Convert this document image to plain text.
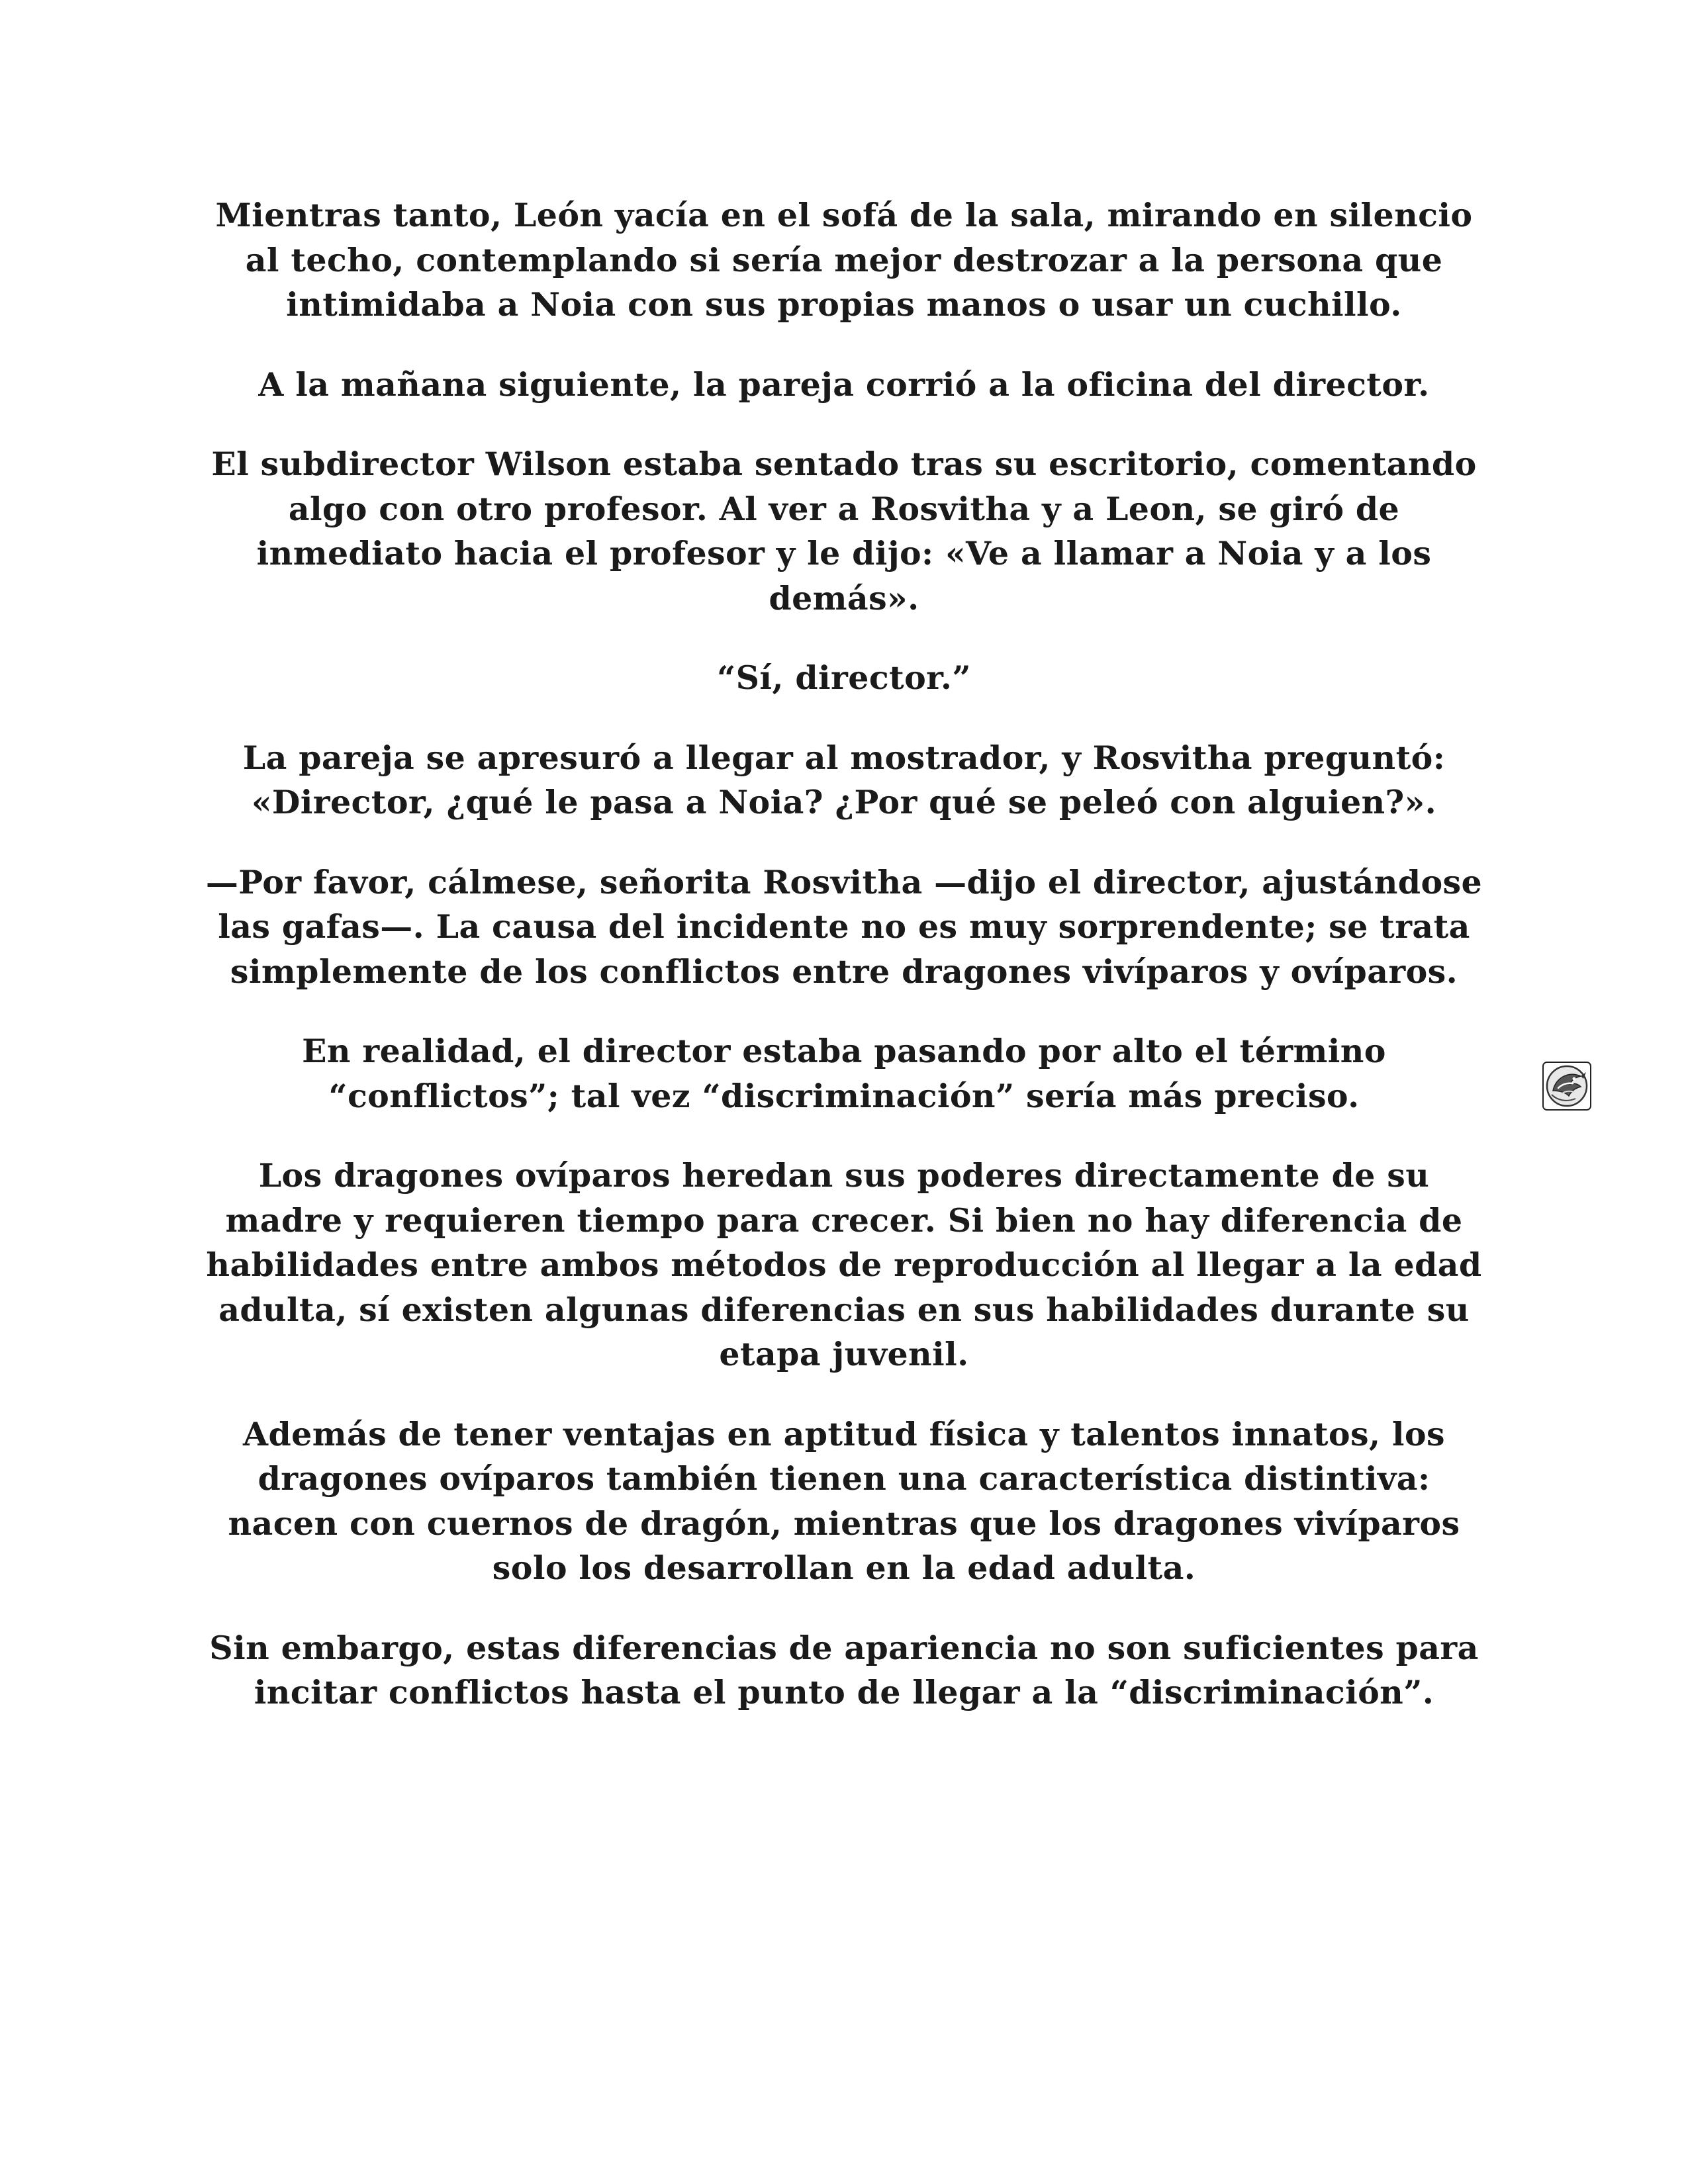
Mientras tanto, León yacía en el sofá de la sala, mirando en silencio al techo, contemplando si sería mejor destrozar a la persona que intimidaba a Noia con sus propias manos o usar un cuchillo.

A la mañana siguiente, la pareja corrió a la oficina del director.

El subdirector Wilson estaba sentado tras su escritorio, comentando algo con otro profesor. Al ver a Rosvitha y a Leon, se giró de inmediato hacia el profesor y le dijo: «Ve a llamar a Noia y a los demás».

“Sí, director.”

La pareja se apresuró a llegar al mostrador, y Rosvitha preguntó: «Director, ¿qué le pasa a Noia? ¿Por qué se peleó con alguien?».

—Por favor, cálmese, señorita Rosvitha —dijo el director, ajustándose las gafas—. La causa del incidente no es muy sorprendente; se trata simplemente de los conflictos entre dragones vivíparos y ovíparos.

En realidad, el director estaba pasando por alto el término “conflictos”; tal vez “discriminación” sería más preciso.

Los dragones ovíparos heredan sus poderes directamente de su madre y requieren tiempo para crecer. Si bien no hay diferencia de habilidades entre ambos métodos de reproducción al llegar a la edad adulta, sí existen algunas diferencias en sus habilidades durante su etapa juvenil.

Además de tener ventajas en aptitud física y talentos innatos, los dragones ovíparos también tienen una característica distintiva: nacen con cuernos de dragón, mientras que los dragones vivíparos solo los desarrollan en la edad adulta.

Sin embargo, estas diferencias de apariencia no son suficientes para incitar conflictos hasta el punto de llegar a la “discriminación”.
